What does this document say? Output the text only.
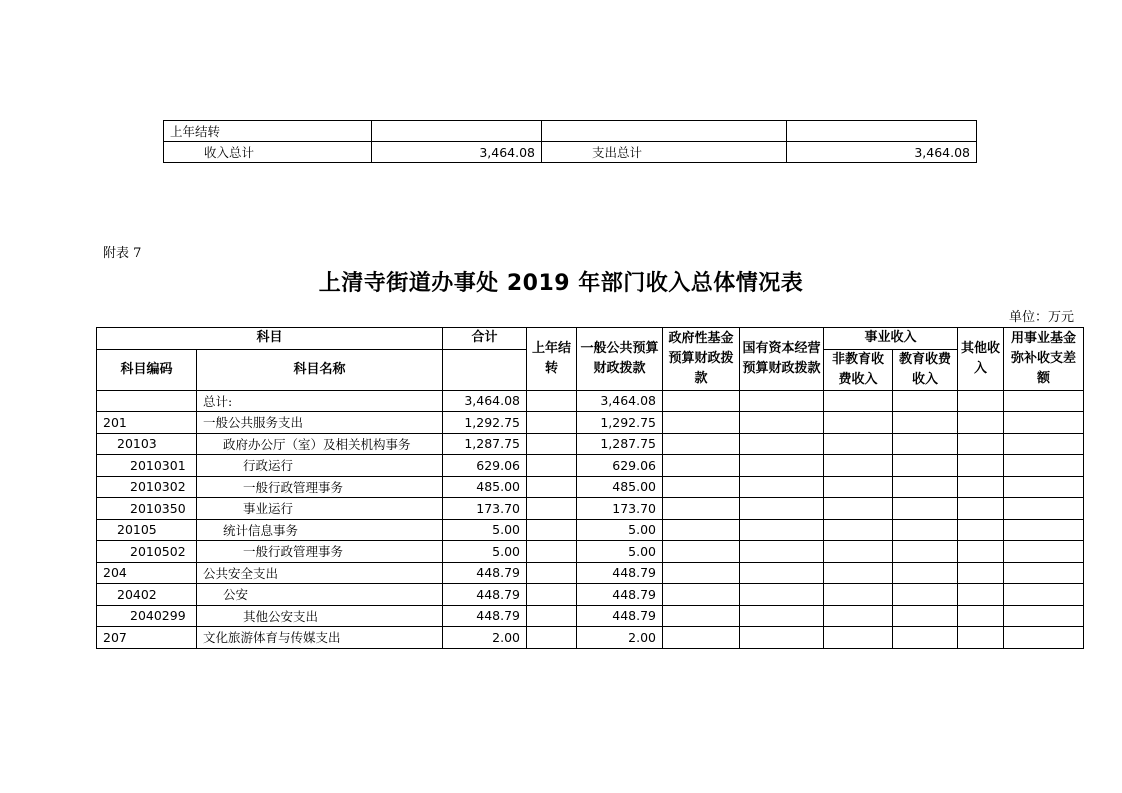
上年结转			
收入总计	3,464.08	支出总计	3,464.08
附表 7
上清寺街道办事处 2019 年部门收入总体情况表
单位：万元
科目		合计	上年结转	一般公共预算财政拨款	政府性基金预算财政拨款	国有资本经营预算财政拨款	事业收入		其他收入	用事业基金弥补收支差额
科目编码	科目名称						非教育收费收入	教育收费收入		

	总计:	3,464.08		3,464.08						
201	一般公共服务支出	1,292.75		1,292.75						
20103	政府办公厅（室）及相关机构事务	1,287.75		1,287.75						
2010301	行政运行	629.06		629.06						
2010302	一般行政管理事务	485.00		485.00						
2010350	事业运行	173.70		173.70						
20105	统计信息事务	5.00		5.00						
2010502	一般行政管理事务	5.00		5.00						
204	公共安全支出	448.79		448.79						
20402	公安	448.79		448.79						
2040299	其他公安支出	448.79		448.79						
207	文化旅游体育与传媒支出	2.00		2.00						
